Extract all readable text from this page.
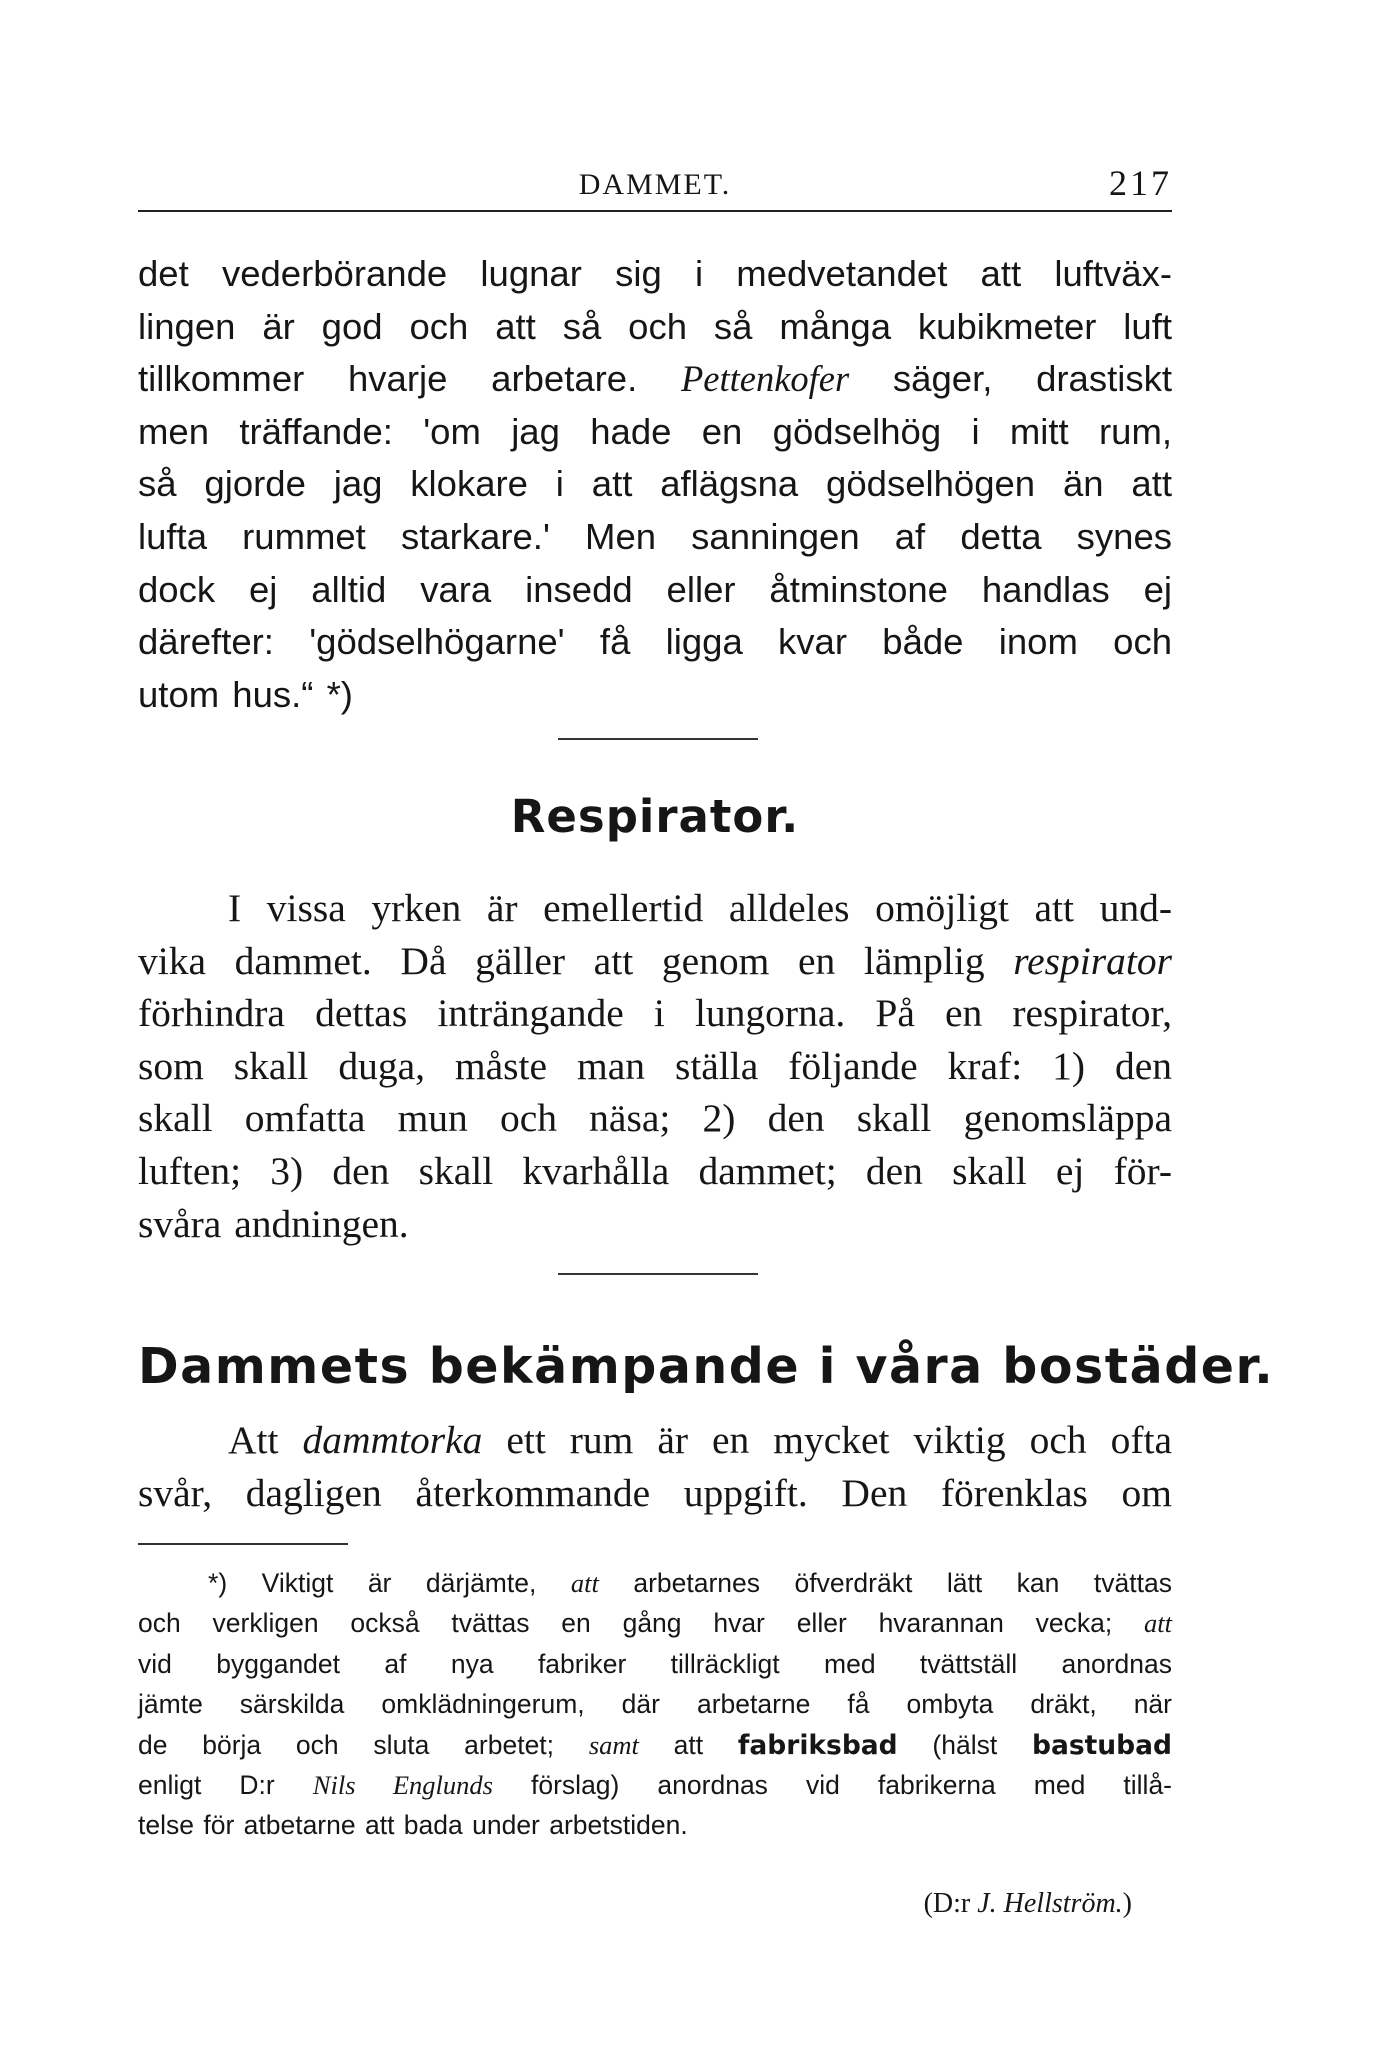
DAMMET.	217
det vederbörande lugnar sig i medvetandet att luftväx-
lingen är god och att så och så många kubikmeter luft
tillkommer hvarje arbetare. Pettenkofer säger, drastiskt
men träffande: 'om jag hade en gödselhög i mitt rum,
så gjorde jag klokare i att aflägsna gödselhögen än att
lufta rummet starkare.' Men sanningen af detta synes
dock ej alltid vara insedd eller åtminstone handlas ej
därefter: 'gödselhögarne' få ligga kvar både inom och
utom hus.“ *)
Respirator.
I vissa yrken är emellertid alldeles omöjligt att und-
vika dammet. Då gäller att genom en lämplig respirator
förhindra dettas inträngande i lungorna. På en respirator,
som skall duga, måste man ställa följande kraf: 1) den
skall omfatta mun och näsa; 2) den skall genomsläppa
luften; 3) den skall kvarhålla dammet; den skall ej för-
svåra andningen.
Dammets bekämpande i våra bostäder.
Att dammtorka ett rum är en mycket viktig och ofta
svår, dagligen återkommande uppgift. Den förenklas om
*) Viktigt är därjämte, att arbetarnes öfverdräkt lätt kan tvättas
och verkligen också tvättas en gång hvar eller hvarannan vecka; att
vid byggandet af nya fabriker tillräckligt med tvättställ anordnas
jämte särskilda omklädningerum, där arbetarne få ombyta dräkt, när
de börja och sluta arbetet; samt att fabriksbad (hälst bastubad
enligt D:r Nils Englunds förslag) anordnas vid fabrikerna med tillå-
telse för atbetarne att bada under arbetstiden.
(D:r J. Hellström.)
